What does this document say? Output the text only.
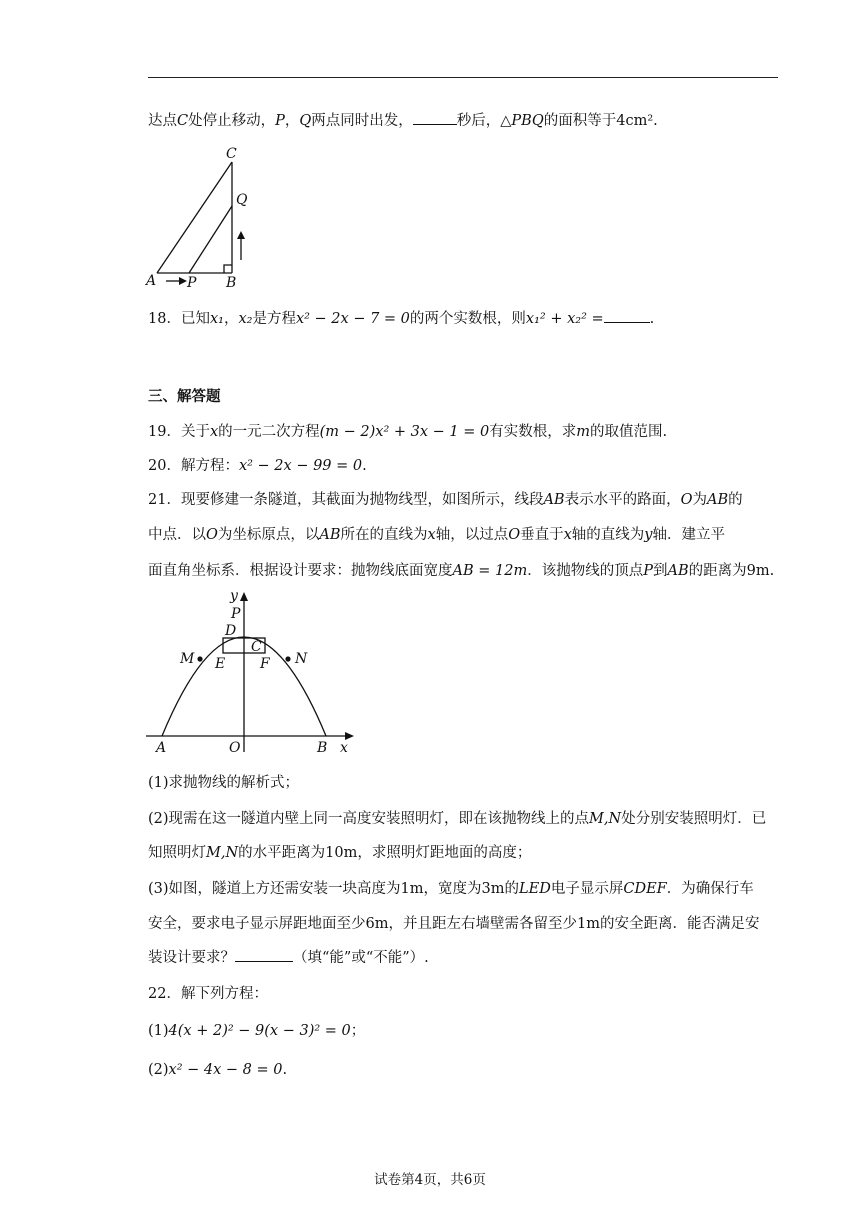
达点C处停止移动，P，Q两点同时出发，	秒后，△PBQ的面积等于4cm².
C
Q
A P B
18．已知x₁，x₂是方程x² − 2x − 7 = 0的两个实数根，则x₁² + x₂² =	.
三、解答题
19．关于x的一元二次方程(m − 2)x² + 3x − 1 = 0有实数根，求m的取值范围.
20．解方程：x² − 2x − 99 = 0.
21．现要修建一条隧道，其截面为抛物线型，如图所示，线段AB表示水平的路面，O为AB的
中点．以O为坐标原点，以AB所在的直线为x轴，以过点O垂直于x轴的直线为y轴．建立平
面直角坐标系．根据设计要求：抛物线底面宽度AB = 12m．该抛物线的顶点P到AB的距离为9m.
y
P
D
C
M	N
E F
A	O	B x
(1)求抛物线的解析式；
(2)现需在这一隧道内壁上同一高度安装照明灯，即在该抛物线上的点M,N处分别安装照明灯．已
知照明灯M,N的水平距离为10m，求照明灯距地面的高度；
(3)如图，隧道上方还需安装一块高度为1m，宽度为3m的LED电子显示屏CDEF．为确保行车
安全，要求电子显示屏距地面至少6m，并且距左右墙壁需各留至少1m的安全距离．能否满足安
装设计要求？	（填“能”或“不能”）.
22．解下列方程：
(1)4(x + 2)² − 9(x − 3)² = 0；
(2)x² − 4x − 8 = 0.
试卷第4页，共6页
